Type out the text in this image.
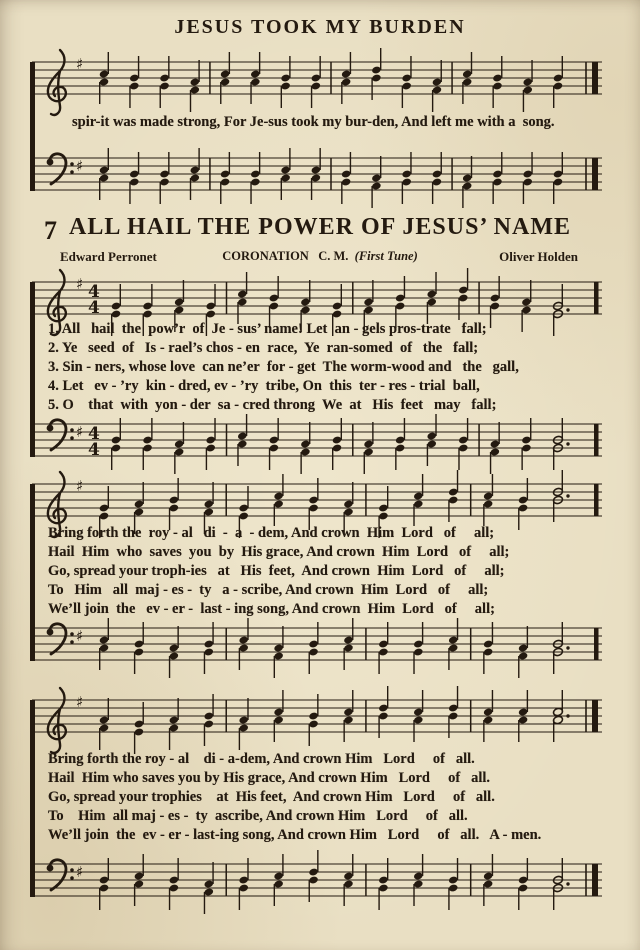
JESUS TOOK MY BURDEN
♯
spir-it was made strong, For Je-sus took my bur-den, And left me with a  song.
♯
7 ALL HAIL THE POWER OF JESUS’ NAME
Edward Perronet	CORONATION C. M. (First Tune)	Oliver Holden
♯ 4
4
1. All   hail  the  pow’r  of  Je - sus’ name! Let  an - gels pros-trate   fall;
2. Ye   seed  of   Is - rael’s chos - en  race,  Ye  ran-somed  of   the   fall;
3. Sin - ners, whose love  can ne’er  for - get  The worm-wood and   the   gall,
4. Let   ev - ’ry  kin - dred, ev - ’ry  tribe, On  this  ter - res - trial  ball,
5. O    that  with  yon - der  sa - cred throng  We  at   His  feet   may   fall;
♯ 4
4
♯
Bring forth the  roy - al   di  -  a  - dem, And crown  Him  Lord   of     all;
Hail  Him  who  saves  you  by  His grace, And crown  Him  Lord   of     all;
Go, spread your troph-ies   at   His  feet,  And crown  Him  Lord   of     all;
To   Him   all  maj - es -  ty   a - scribe, And crown  Him  Lord   of     all;
We’ll join  the   ev - er -  last - ing song, And crown  Him  Lord   of     all;
♯
♯
Bring forth the roy - al    di - a-dem, And crown Him   Lord     of   all.
Hail  Him who saves you by His grace, And crown Him   Lord     of   all.
Go, spread your trophies    at  His feet,  And crown Him   Lord     of   all.
To    Him  all maj - es -  ty  ascribe, And crown Him   Lord     of   all.
We’ll join  the  ev - er - last-ing song, And crown Him   Lord     of   all.   A - men.
♯
